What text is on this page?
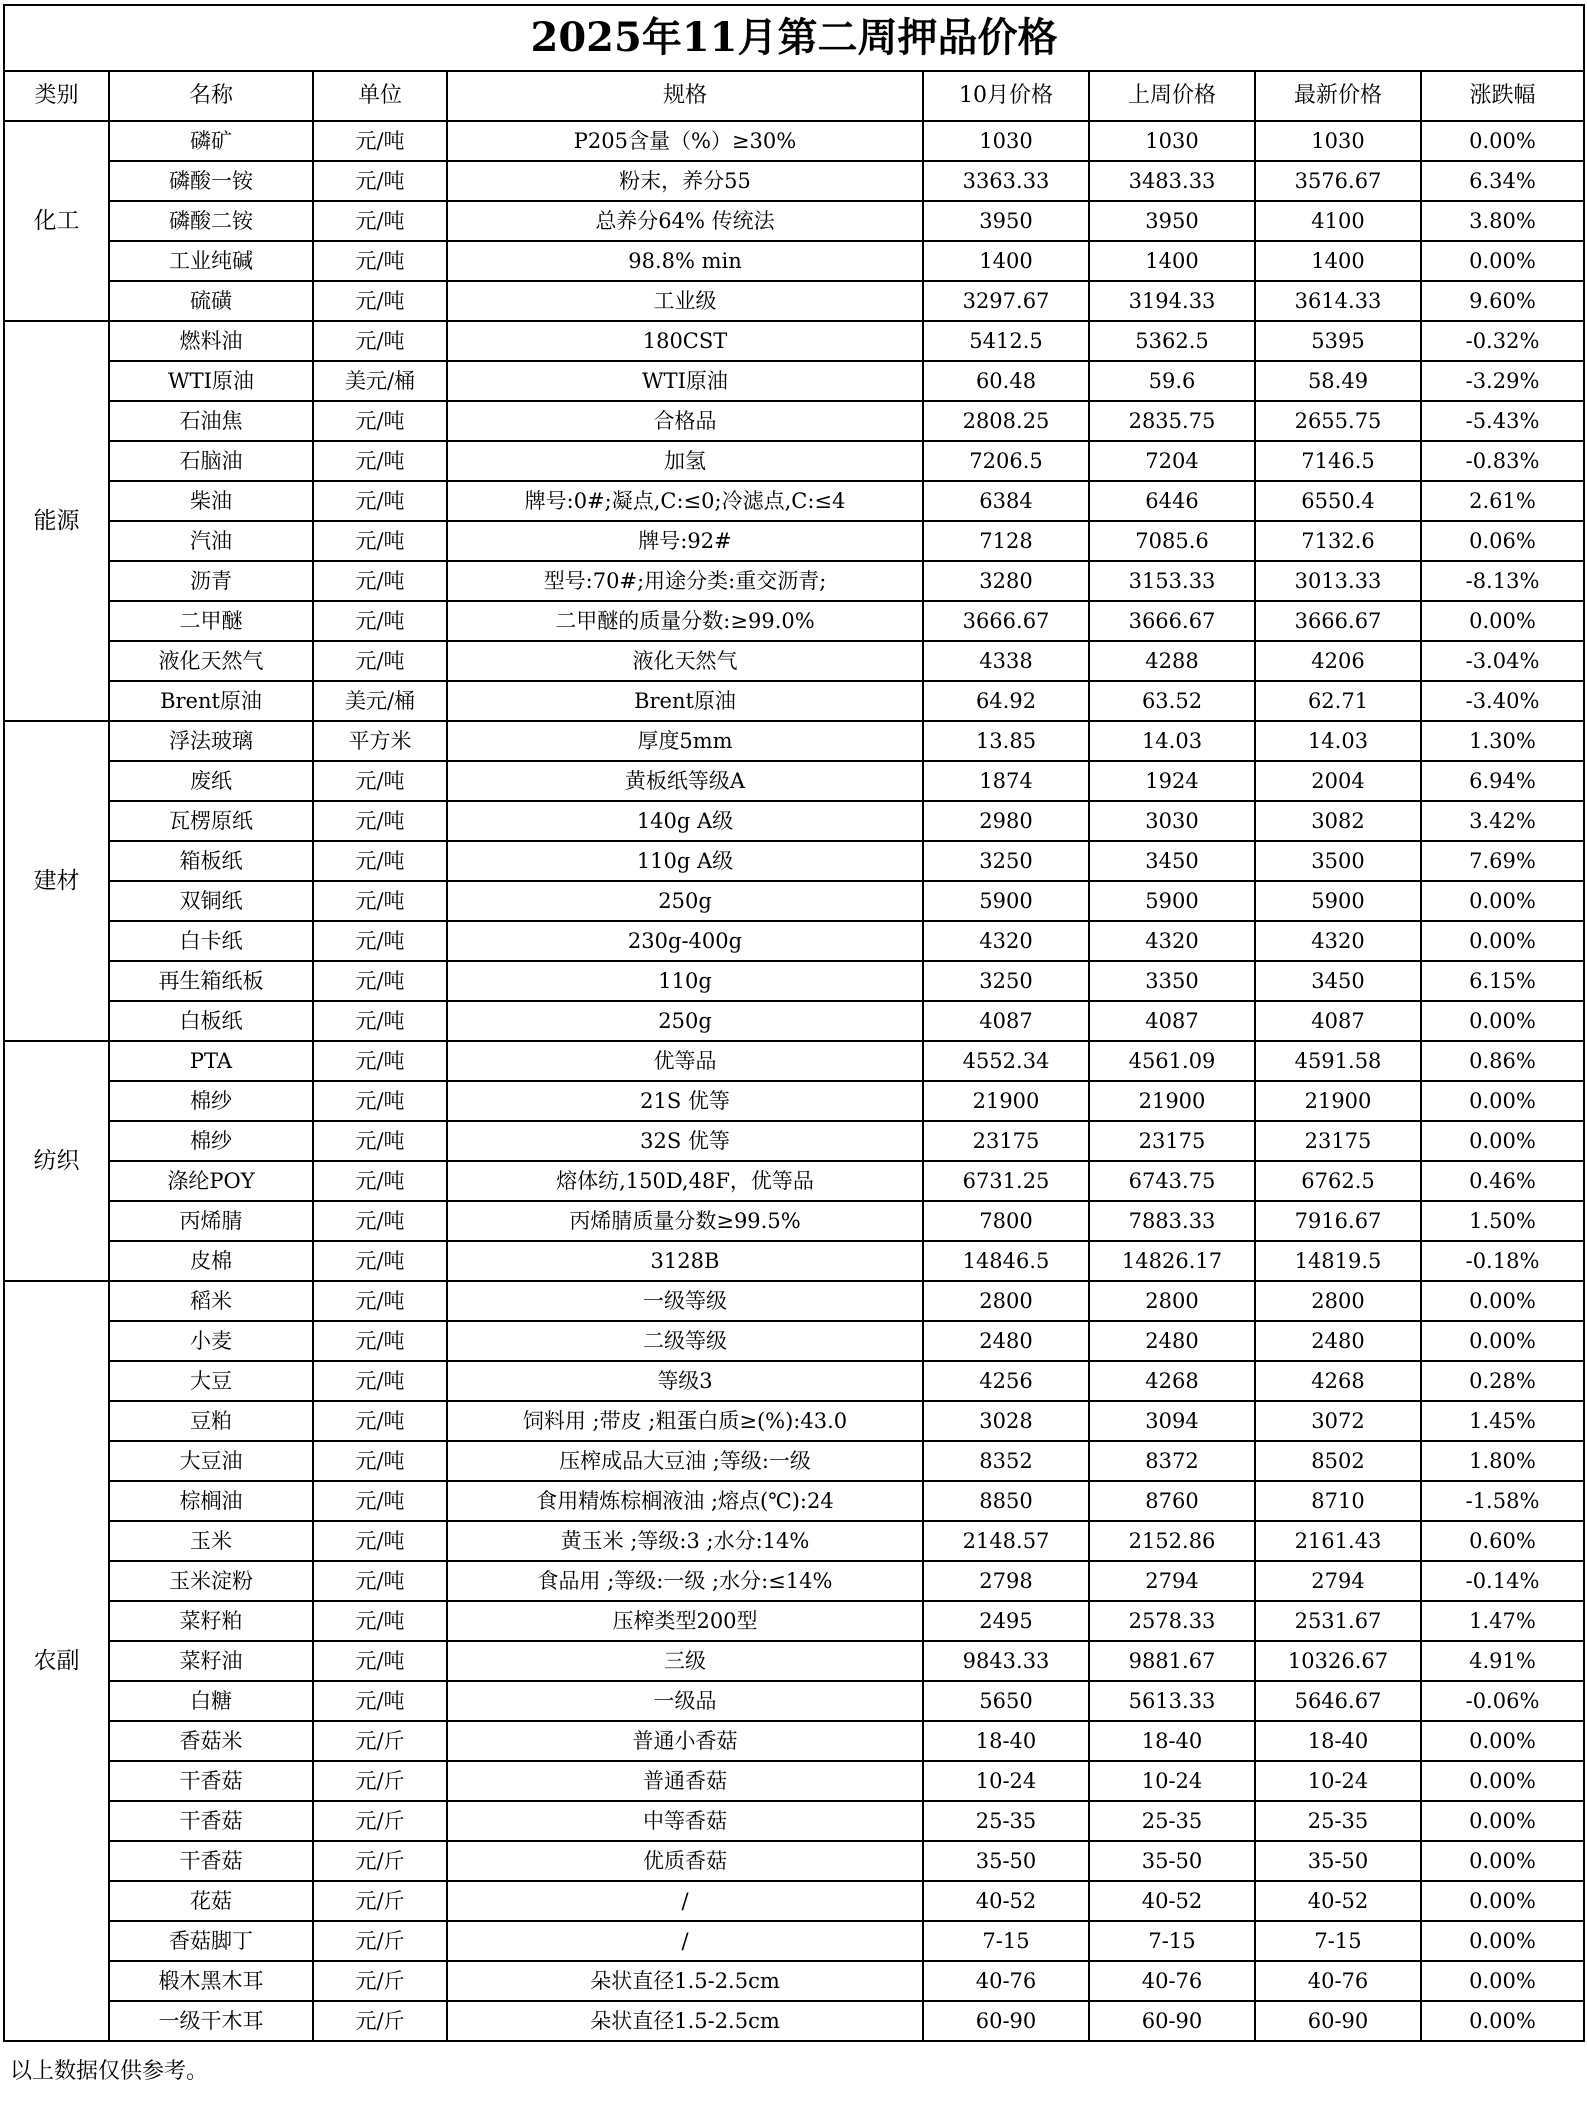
2025年11月第二周押品价格							
类别	名称	单位	规格	10月价格	上周价格	最新价格	涨跌幅
化工	磷矿	元/吨	P205含量（%）≥30%	1030	1030	1030	0.00%
	磷酸一铵	元/吨	粉末，养分55	3363.33	3483.33	3576.67	6.34%
	磷酸二铵	元/吨	总养分64% 传统法	3950	3950	4100	3.80%
	工业纯碱	元/吨	98.8% min	1400	1400	1400	0.00%
	硫磺	元/吨	工业级	3297.67	3194.33	3614.33	9.60%
能源	燃料油	元/吨	180CST	5412.5	5362.5	5395	-0.32%
	WTI原油	美元/桶	WTI原油	60.48	59.6	58.49	-3.29%
	石油焦	元/吨	合格品	2808.25	2835.75	2655.75	-5.43%
	石脑油	元/吨	加氢	7206.5	7204	7146.5	-0.83%
	柴油	元/吨	牌号:0#;凝点,C:≤0;冷滤点,C:≤4	6384	6446	6550.4	2.61%
	汽油	元/吨	牌号:92#	7128	7085.6	7132.6	0.06%
	沥青	元/吨	型号:70#;用途分类:重交沥青;	3280	3153.33	3013.33	-8.13%
	二甲醚	元/吨	二甲醚的质量分数:≥99.0%	3666.67	3666.67	3666.67	0.00%
	液化天然气	元/吨	液化天然气	4338	4288	4206	-3.04%
	Brent原油	美元/桶	Brent原油	64.92	63.52	62.71	-3.40%
建材	浮法玻璃	平方米	厚度5mm	13.85	14.03	14.03	1.30%
	废纸	元/吨	黄板纸等级A	1874	1924	2004	6.94%
	瓦楞原纸	元/吨	140g A级	2980	3030	3082	3.42%
	箱板纸	元/吨	110g A级	3250	3450	3500	7.69%
	双铜纸	元/吨	250g	5900	5900	5900	0.00%
	白卡纸	元/吨	230g-400g	4320	4320	4320	0.00%
	再生箱纸板	元/吨	110g	3250	3350	3450	6.15%
	白板纸	元/吨	250g	4087	4087	4087	0.00%
纺织	PTA	元/吨	优等品	4552.34	4561.09	4591.58	0.86%
	棉纱	元/吨	21S 优等	21900	21900	21900	0.00%
	棉纱	元/吨	32S 优等	23175	23175	23175	0.00%
	涤纶POY	元/吨	熔体纺,150D,48F，优等品	6731.25	6743.75	6762.5	0.46%
	丙烯腈	元/吨	丙烯腈质量分数≥99.5%	7800	7883.33	7916.67	1.50%
	皮棉	元/吨	3128B	14846.5	14826.17	14819.5	-0.18%
农副	稻米	元/吨	一级等级	2800	2800	2800	0.00%
	小麦	元/吨	二级等级	2480	2480	2480	0.00%
	大豆	元/吨	等级3	4256	4268	4268	0.28%
	豆粕	元/吨	饲料用 ;带皮 ;粗蛋白质≥(%):43.0	3028	3094	3072	1.45%
	大豆油	元/吨	压榨成品大豆油 ;等级:一级	8352	8372	8502	1.80%
	棕榈油	元/吨	食用精炼棕榈液油 ;熔点(℃):24	8850	8760	8710	-1.58%
	玉米	元/吨	黄玉米 ;等级:3 ;水分:14%	2148.57	2152.86	2161.43	0.60%
	玉米淀粉	元/吨	食品用 ;等级:一级 ;水分:≤14%	2798	2794	2794	-0.14%
	菜籽粕	元/吨	压榨类型200型	2495	2578.33	2531.67	1.47%
	菜籽油	元/吨	三级	9843.33	9881.67	10326.67	4.91%
	白糖	元/吨	一级品	5650	5613.33	5646.67	-0.06%
	香菇米	元/斤	普通小香菇	18-40	18-40	18-40	0.00%
	干香菇	元/斤	普通香菇	10-24	10-24	10-24	0.00%
	干香菇	元/斤	中等香菇	25-35	25-35	25-35	0.00%
	干香菇	元/斤	优质香菇	35-50	35-50	35-50	0.00%
	花菇	元/斤	/	40-52	40-52	40-52	0.00%
	香菇脚丁	元/斤	/	7-15	7-15	7-15	0.00%
	椴木黑木耳	元/斤	朵状直径1.5-2.5cm	40-76	40-76	40-76	0.00%
	一级干木耳	元/斤	朵状直径1.5-2.5cm	60-90	60-90	60-90	0.00%
以上数据仅供参考。							
